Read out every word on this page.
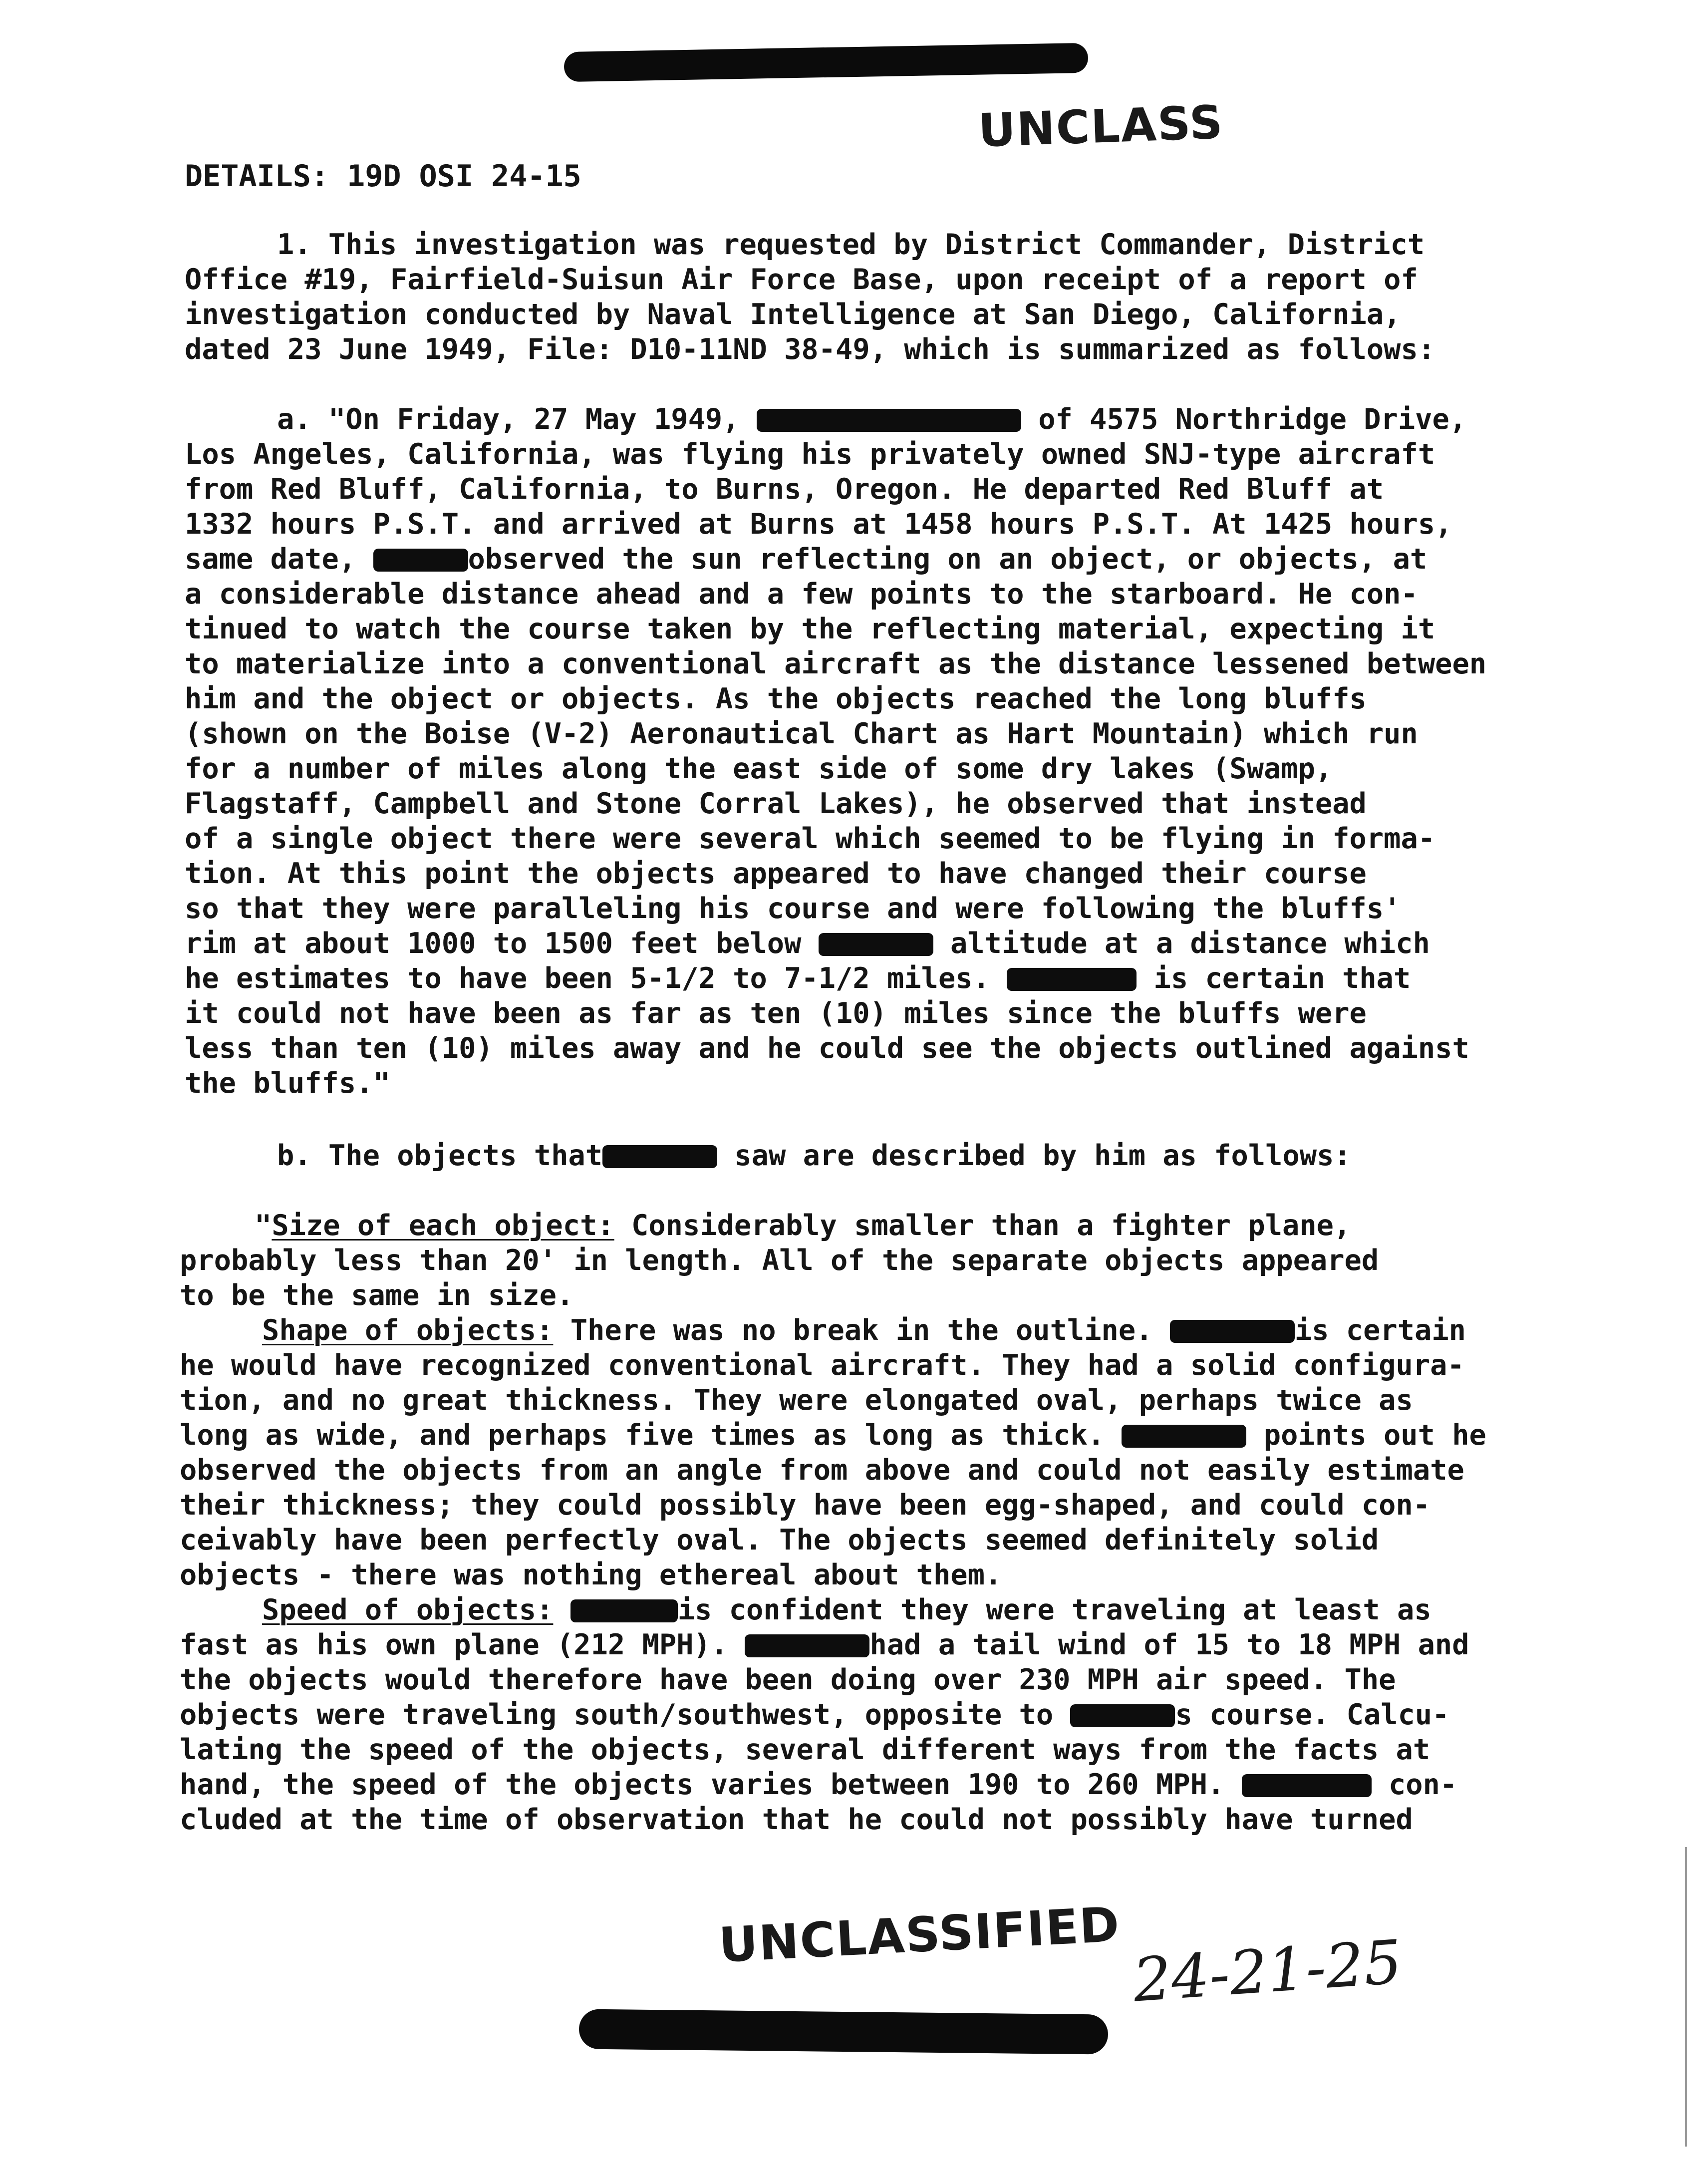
UNCLASS
DETAILS: 19D OSI 24-15
1. This investigation was requested by District Commander, District
Office #19, Fairfield-Suisun Air Force Base, upon receipt of a report of
investigation conducted by Naval Intelligence at San Diego, California,
dated 23 June 1949, File: D10-11ND 38-49, which is summarized as follows:
a. "On Friday, 27 May 1949,	of 4575 Northridge Drive,
Los Angeles, California, was flying his privately owned SNJ-type aircraft
from Red Bluff, California, to Burns, Oregon. He departed Red Bluff at
1332 hours P.S.T. and arrived at Burns at 1458 hours P.S.T. At 1425 hours,
same date,	observed the sun reflecting on an object, or objects, at
a considerable distance ahead and a few points to the starboard. He con-
tinued to watch the course taken by the reflecting material, expecting it
to materialize into a conventional aircraft as the distance lessened between
him and the object or objects. As the objects reached the long bluffs
(shown on the Boise (V-2) Aeronautical Chart as Hart Mountain) which run
for a number of miles along the east side of some dry lakes (Swamp,
Flagstaff, Campbell and Stone Corral Lakes), he observed that instead
of a single object there were several which seemed to be flying in forma-
tion. At this point the objects appeared to have changed their course
so that they were paralleling his course and were following the bluffs'
rim at about 1000 to 1500 feet below	altitude at a distance which
he estimates to have been 5-1/2 to 7-1/2 miles.	is certain that
it could not have been as far as ten (10) miles since the bluffs were
less than ten (10) miles away and he could see the objects outlined against
the bluffs."
b. The objects that	saw are described by him as follows:
"Size of each object: Considerably smaller than a fighter plane,
probably less than 20' in length. All of the separate objects appeared
to be the same in size.
Shape of objects: There was no break in the outline.	is certain
he would have recognized conventional aircraft. They had a solid configura-
tion, and no great thickness. They were elongated oval, perhaps twice as
long as wide, and perhaps five times as long as thick.	points out he
observed the objects from an angle from above and could not easily estimate
their thickness; they could possibly have been egg-shaped, and could con-
ceivably have been perfectly oval. The objects seemed definitely solid
objects - there was nothing ethereal about them.
Speed of objects:	is confident they were traveling at least as
fast as his own plane (212 MPH).	had a tail wind of 15 to 18 MPH and
the objects would therefore have been doing over 230 MPH air speed. The
objects were traveling south/southwest, opposite to	s course. Calcu-
lating the speed of the objects, several different ways from the facts at
hand, the speed of the objects varies between 190 to 260 MPH.	con-
cluded at the time of observation that he could not possibly have turned
UNCLASSIFIED 24-21-25
